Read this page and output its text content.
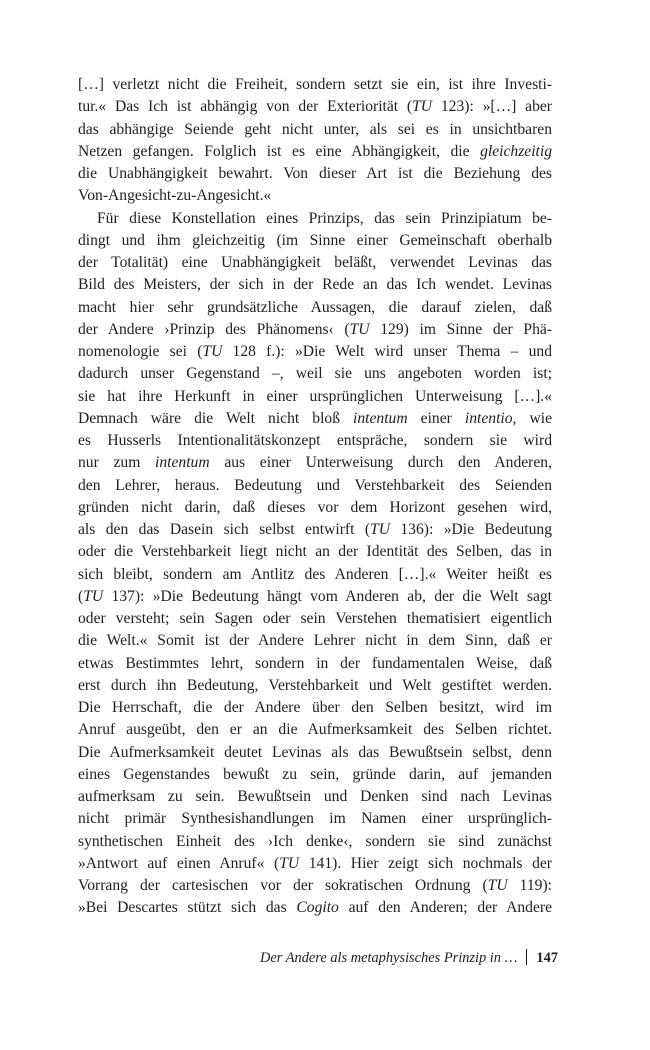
[…] verletzt nicht die Freiheit, sondern setzt sie ein, ist ihre Investi-
tur.« Das Ich ist abhängig von der Exteriorität (TU 123): »[…] aber
das abhängige Seiende geht nicht unter, als sei es in unsichtbaren
Netzen gefangen. Folglich ist es eine Abhängigkeit, die gleichzeitig
die Unabhängigkeit bewahrt. Von dieser Art ist die Beziehung des
Von-Angesicht-zu-Angesicht.«
Für diese Konstellation eines Prinzips, das sein Prinzipiatum be-
dingt und ihm gleichzeitig (im Sinne einer Gemeinschaft oberhalb
der Totalität) eine Unabhängigkeit beläßt, verwendet Levinas das
Bild des Meisters, der sich in der Rede an das Ich wendet. Levinas
macht hier sehr grundsätzliche Aussagen, die darauf zielen, daß
der Andere ›Prinzip des Phänomens‹ (TU 129) im Sinne der Phä-
nomenologie sei (TU 128 f.): »Die Welt wird unser Thema – und
dadurch unser Gegenstand –, weil sie uns angeboten worden ist;
sie hat ihre Herkunft in einer ursprünglichen Unterweisung […].«
Demnach wäre die Welt nicht bloß intentum einer intentio, wie
es Husserls Intentionalitätskonzept entspräche, sondern sie wird
nur zum intentum aus einer Unterweisung durch den Anderen,
den Lehrer, heraus. Bedeutung und Verstehbarkeit des Seienden
gründen nicht darin, daß dieses vor dem Horizont gesehen wird,
als den das Dasein sich selbst entwirft (TU 136): »Die Bedeutung
oder die Verstehbarkeit liegt nicht an der Identität des Selben, das in
sich bleibt, sondern am Antlitz des Anderen […].« Weiter heißt es
(TU 137): »Die Bedeutung hängt vom Anderen ab, der die Welt sagt
oder versteht; sein Sagen oder sein Verstehen thematisiert eigentlich
die Welt.« Somit ist der Andere Lehrer nicht in dem Sinn, daß er
etwas Bestimmtes lehrt, sondern in der fundamentalen Weise, daß
erst durch ihn Bedeutung, Verstehbarkeit und Welt gestiftet werden.
Die Herrschaft, die der Andere über den Selben besitzt, wird im
Anruf ausgeübt, den er an die Aufmerksamkeit des Selben richtet.
Die Aufmerksamkeit deutet Levinas als das Bewußtsein selbst, denn
eines Gegenstandes bewußt zu sein, gründe darin, auf jemanden
aufmerksam zu sein. Bewußtsein und Denken sind nach Levinas
nicht primär Synthesishandlungen im Namen einer ursprünglich-
synthetischen Einheit des ›Ich denke‹, sondern sie sind zunächst
»Antwort auf einen Anruf« (TU 141). Hier zeigt sich nochmals der
Vorrang der cartesischen vor der sokratischen Ordnung (TU 119):
»Bei Descartes stützt sich das Cogito auf den Anderen; der Andere
Der Andere als metaphysisches Prinzip in … 147
